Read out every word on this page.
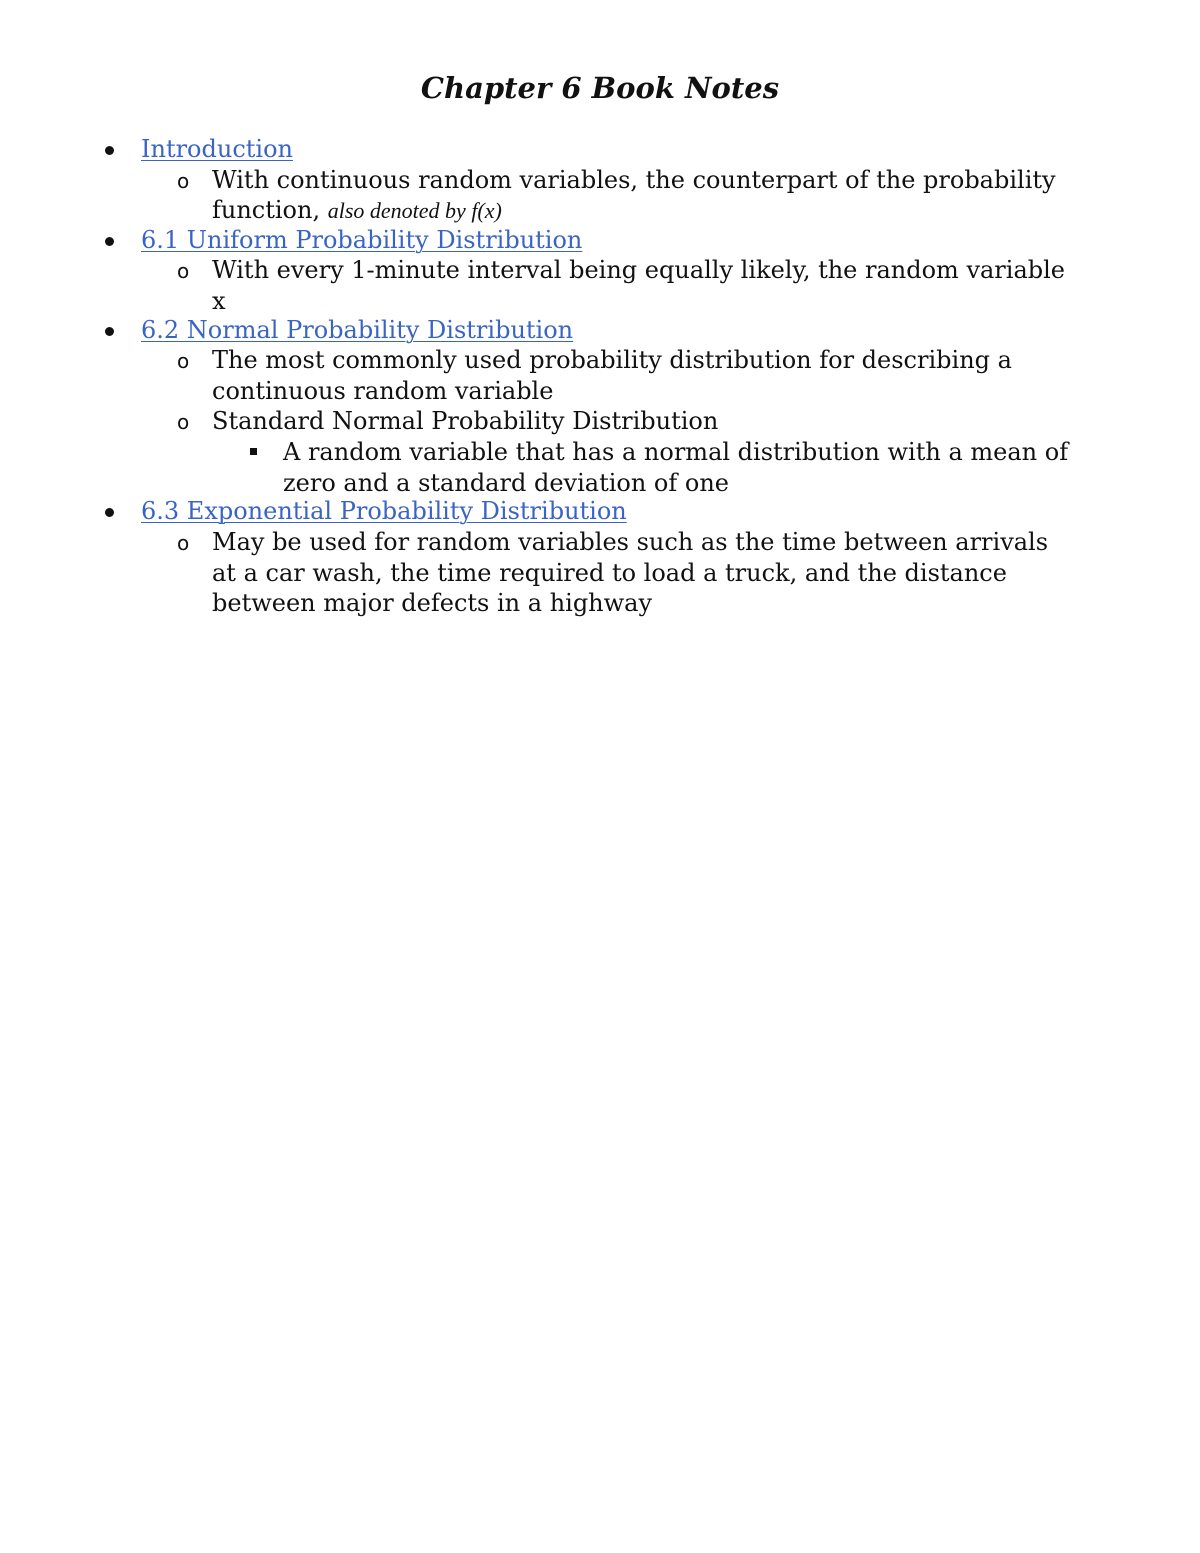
Chapter 6 Book Notes
Introduction
o With continuous random variables, the counterpart of the probability
function, also denoted by f(x)
6.1 Uniform Probability Distribution
o With every 1-minute interval being equally likely, the random variable
x
6.2 Normal Probability Distribution
o The most commonly used probability distribution for describing a
continuous random variable
o Standard Normal Probability Distribution
A random variable that has a normal distribution with a mean of
zero and a standard deviation of one
6.3 Exponential Probability Distribution
o May be used for random variables such as the time between arrivals
at a car wash, the time required to load a truck, and the distance
between major defects in a highway
